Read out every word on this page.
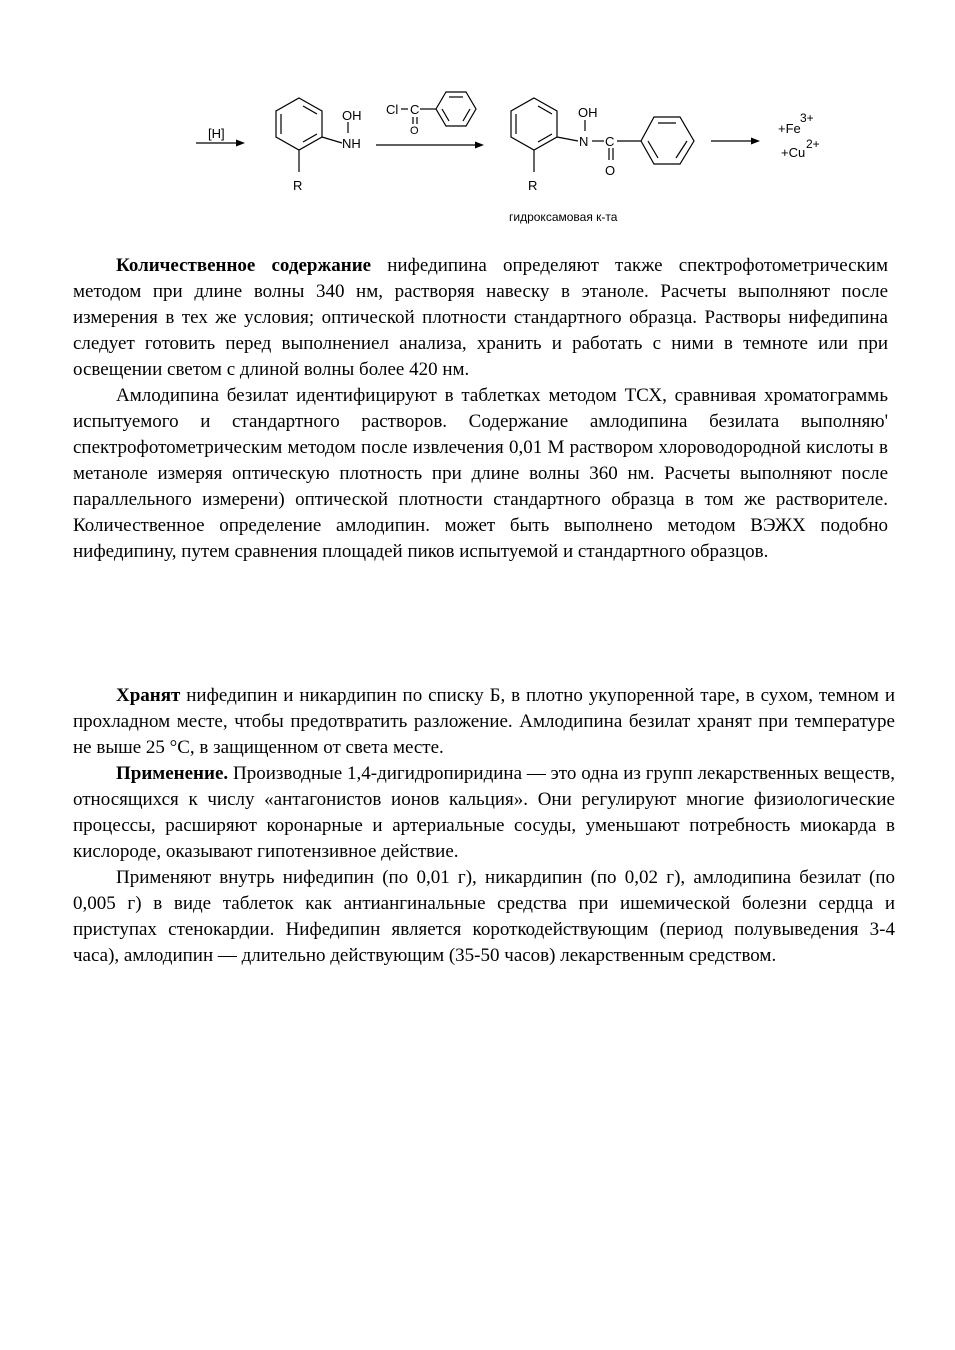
[H]
OH
NH
R
Cl C
O
OH
N C
O
R
гидроксамовая к-та
+Fe
3+
+Cu
2+

Количественное содержание нифедипина определяют также спектрофотометрическим методом при длине волны 340 нм, растворяя навеску в этаноле. Расчеты выполняют после измерения в тех же условия; оптической плотности стандартного образца. Растворы нифедипина следует готовить перед выполнениел анализа, хранить и работать с ними в темноте или при освещении светом с длиной волны более 420 нм.

Амлодипина безилат идентифицируют в таблетках методом ТСХ, сравнивая хроматограммь испытуемого и стандартного растворов. Содержание амлодипина безилата выполняю' спектрофотометрическим методом после извлечения 0,01 М раствором хлороводородной кислоты в метаноле измеряя оптическую плотность при длине волны 360 нм. Расчеты выполняют после параллельного измерени) оптической плотности стандартного образца в том же растворителе. Количественное определение амлодипин. может быть выполнено методом ВЭЖХ подобно нифедипину, путем сравнения площадей пиков испытуемой и стандартного образцов.

Хранят нифедипин и никардипин по списку Б, в плотно укупоренной таре, в сухом, темном и прохладном месте, чтобы предотвратить разложение. Амлодипина безилат хранят при температуре не выше 25 °С, в защищенном от света месте.

Применение. Производные 1,4-дигидропиридина — это одна из групп лекарственных веществ, относящихся к числу «антагонистов ионов кальция». Они регулируют многие физиологические процессы, расширяют коронарные и артериальные сосуды, уменьшают потребность миокарда в кислороде, оказывают гипотензивное действие.

Применяют внутрь нифедипин (по 0,01 г), никардипин (по 0,02 г), амлодипина безилат (по 0,005 г) в виде таблеток как антиангинальные средства при ишемической болезни сердца и приступах стенокардии. Нифедипин является короткодействующим (период полувыведения 3-4 часа), амлодипин — длительно действующим (35-50 часов) лекарственным средством.
